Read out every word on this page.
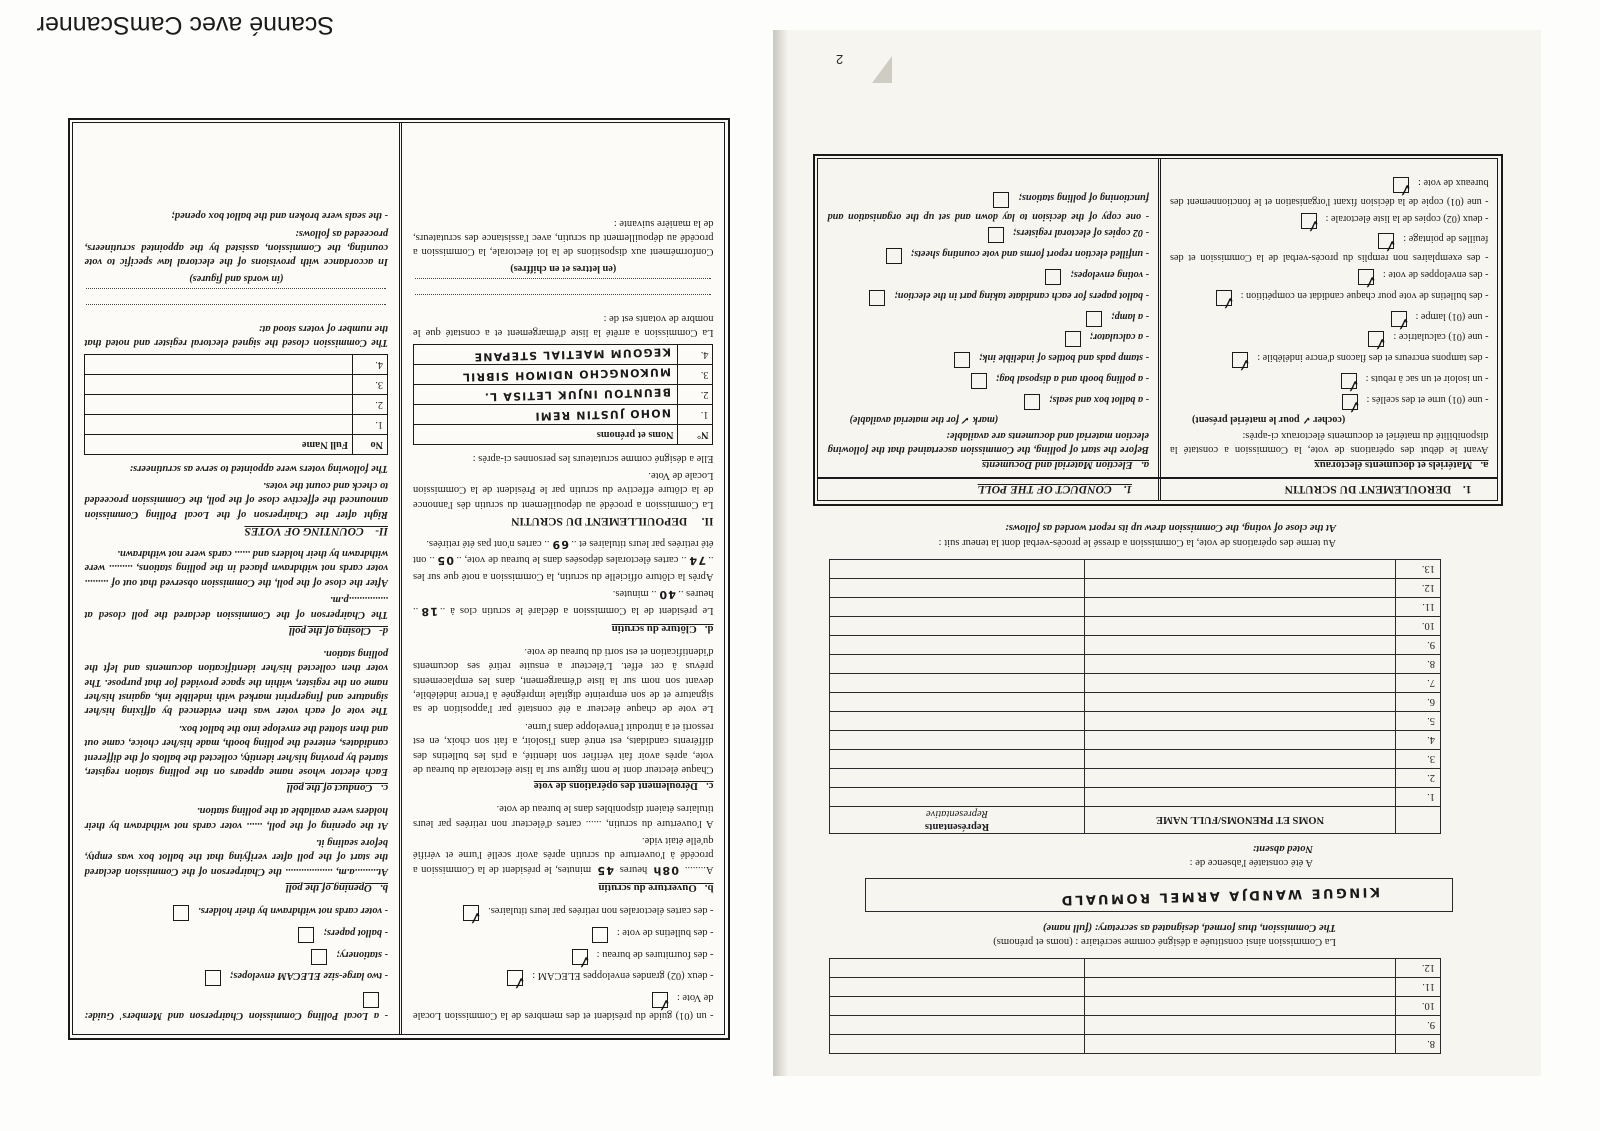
Scanné avec CamScanner
- un (01) guide du président et des membres de la Commission Locale de Vote :
✓
- deux (02) grandes enveloppes ELECAM :
✓
- des fournitures de bureau :
✓
- des bulletins de vote :
- des cartes électorales non retirées par leurs titulaires.
✓
b.   Ouverture du scrutin

A........ 08h heures 45 minutes, le président de la Commission a procédé à l'ouverture du scrutin après avoir scellé l'urne et vérifié qu'elle était vide.

A l'ouverture du scrutin, ...... cartes d'électeur non retirées par leurs titulaires étaient disponibles dans le bureau de vote.

c.   Déroulement des opérations de vote

Chaque électeur dont le nom figure sur la liste électorale du bureau de vote, après avoir fait vérifier son identité, a pris les bulletins des différents candidats, est entré dans l'isoloir, a fait son choix, en est ressorti et a introduit l'enveloppe dans l'urne.

Le vote de chaque électeur a été constaté par l'apposition de sa signature et de son empreinte digitale imprégnée à l'encre indélébile, devant son nom sur la liste d'émargement, dans les emplacements prévus à cet effet. L'électeur a ensuite retiré ses documents d'identification et est sorti du bureau de vote.

d.   Clôture du scrutin

Le président de la Commission a déclaré le scrutin clos à ..18.. heures ..40.. minutes.

Après la clôture officielle du scrutin, la Commission a noté que sur les ..74.. cartes électorales déposées dans le bureau de vote, ..05.. ont été retirées par leurs titulaires et ..69.. cartes n'ont pas été retirées.

II.     DEPOUILLEMENT DU SCRUTIN

La Commission a procédé au dépouillement du scrutin dès l'annonce de la clôture effective du scrutin par le Président de la Commission Locale de Vote.

Elle a désigné comme scrutateurs les personnes ci-après :

N°	Noms et prénoms
1.	NOHO JUSTIN REMI
2.	BEUNTOU INJUK LETISA L.
3.	MUKONGCHO NDIMOH SIBRIL
4.	KEGOUM MAETIAL STEPANE

La Commission a arrêté la liste d'émargement et a constaté que le nombre de votants est de :

(en lettres et en chiffres)

Conformément aux dispositions de la loi électorale, la Commission a procédé au dépouillement du scrutin, avec l'assistance des scrutateurs, de la manière suivante :

- a Local Polling Commission Chairperson and Members' Guide:
- two large-size ELECAM envelopes;
- stationery;
- ballot papers;
- voter cards not withdrawn by their holders.
b.   Opening of the poll

At.........a.m, .................. the Chairperson of the Commission declared the start of the poll after verifying that the ballot box was empty, before sealing it.

At the opening of the poll, ...... voter cards not withdrawn by their holders were available at the polling station.

c.   Conduct of the poll

Each elector whose name appears on the polling station register, started by proving his/her identity, collected the ballots of the different candidates, entered the polling booth, made his/her choice, came out and then slotted the envelope into the ballot box.

The vote of each voter was then evidenced by affixing his/her signature and fingerprint marked with indelible ink, against his/her name on the register, within the space provided for that purpose. The voter then collected his/her identification documents and left the polling station.

d-   Closing of the poll

The Chairperson of the Commission declared the poll closed at ...............p.m.

After the close of the poll, the Commission observed that out of ......... voter cards not withdrawn placed in the polling stations, ......... were withdrawn by their holders and ...... cards were not withdrawn.

II-    COUNTING OF VOTES

Right after the Chairperson of the Local Polling Commission announced the effective close of the poll, the Commission proceeded to check and count the votes.

The following voters were appointed to serve as scrutineers:

No	Full Name
1.	
2.	
3.	
4.	

The Commission closed the signed electoral register and noted that the number of voters stood at:

(in words and figures)

In accordance with provisions of the electoral law specific to vote counting, the Commission, assisted by the appointed scrutineers, proceeded as follows:

- the seals were broken and the ballot box opened;

8.		
9.		
10.		
11.		
12.		
La Commission ainsi constituée a désigné comme secrétaire : (noms et prénoms)
The Commission, thus formed, designated as secretary: (full name)
KINGUE WANDJA ARMEL ROMUALD
A été constatée l'absence de :
Noted absent:
	NOMS ET PRENOMS/FULL NAME	Représentants
Representative

1.		
2.		
3.		
4.		
5.		
6.		
7.		
8.		
9.		
10.		
11.		
12.		
13.		
Au terme des opérations de vote, la Commission a dressé le procès-verbal dont la teneur suit :
At the close of voting, the Commission drew up its report worded as follows:
1.    DEROULEMENT DU SCRUTIN
1.    CONDUCT OF THE POLL
a.   Matériels et documents électoraux

Avant le début des opérations de vote, la Commission a constaté la disponibilité du matériel et documents électoraux ci-après:

(cocher ✓ pour le matériel présent)
- une (01) urne et des scellés :
✓
- un isoloir et un sac à rebuts :
✓
- des tampons encreurs et des flacons d'encre indélébile :
✓
- une (01) calculatrice :
✓
- une (01) lampe :
✓
- des bulletins de vote pour chaque candidat en compétition :
✓
- des enveloppes de vote :
✓
- des exemplaires non remplis du procès-verbal de la Commission et des feuilles de pointage :
✓
- deux (02) copies de la liste électorale :
✓
- une (01) copie de la décision fixant l'organisation et le fonctionnement des bureaux de vote :
✓
a.   Election Material and Documents

Before the start of polling, the Commission ascertained that the following election material and documents are available:

(mark ✓ for the material available)
- a ballot box and seals;
- a polling booth and a disposal bag;
- stamp pads and bottles of indelible ink;
- a calculator;
- a lamp;
- ballot papers for each candidate taking part in the election;
- voting envelopes;
- unfilled election report forms and vote counting sheets;
- 02 copies of electoral registers;
- one copy of the decision to lay down and set up the organisation and functioning of polling stations;
2
